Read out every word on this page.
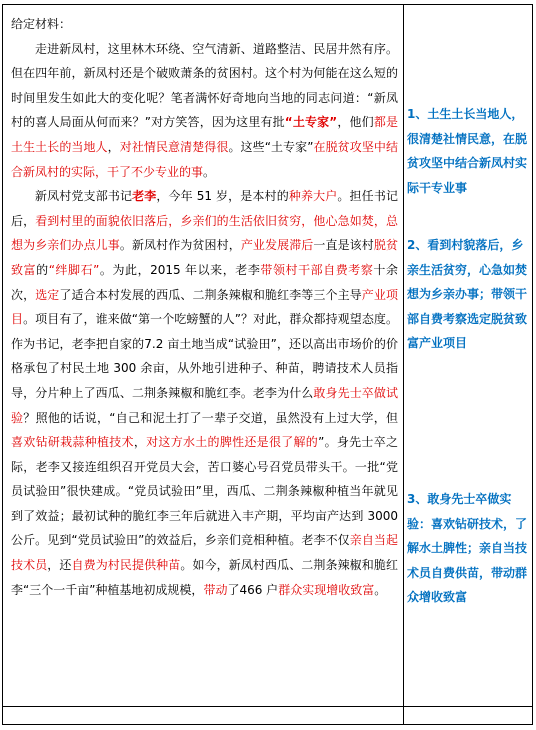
给定材料：

走进新凤村，这里林木环绕、空气清新、道路整洁、民居井然有序。但在四年前，新凤村还是个破败萧条的贫困村。这个村为何能在这么短的时间里发生如此大的变化呢？笔者满怀好奇地向当地的同志问道：“新凤村的喜人局面从何而来？”对方笑答，因为这里有批“土专家”，他们都是土生土长的当地人，对社情民意清楚得很。这些“土专家”在脱贫攻坚中结合新凤村的实际，干了不少专业的事。

新凤村党支部书记老李，今年 51 岁，是本村的种养大户。担任书记后，看到村里的面貌依旧落后，乡亲们的生活依旧贫穷，他心急如焚，总想为乡亲们办点儿事。新凤村作为贫困村，产业发展滞后一直是该村脱贫致富的“绊脚石”。为此，2015 年以来，老李带领村干部自费考察十余次，选定了适合本村发展的西瓜、二荆条辣椒和脆红李等三个主导产业项目。项目有了，谁来做“第一个吃螃蟹的人”？对此，群众都持观望态度。作为书记，老李把自家的7.2 亩土地当成“试验田”，还以高出市场价的价格承包了村民土地 300 余亩，从外地引进种子、种苗，聘请技术人员指导，分片种上了西瓜、二荆条辣椒和脆红李。老李为什么敢身先士卒做试验？照他的话说，“自己和泥土打了一辈子交道，虽然没有上过大学，但喜欢钻研栽蒜种植技术，对这方水土的脾性还是很了解的”。身先士卒之际，老李又接连组织召开党员大会，苦口婆心号召党员带头干。一批“党员试验田”很快建成。“党员试验田”里，西瓜、二荆条辣椒种植当年就见到了效益；最初试种的脆红李三年后就进入丰产期，平均亩产达到 3000 公斤。见到“党员试验田”的效益后，乡亲们竞相种植。老李不仅亲自当起技术员，还自费为村民提供种苗。如今，新凤村西瓜、二荆条辣椒和脆红李“三个一千亩”种植基地初成规模，带动了466 户群众实现增收致富。

1、土生土长当地人，很清楚社情民意，在脱贫攻坚中结合新凤村实际干专业事
2、看到村貌落后，乡亲生活贫穷，心急如焚想为乡亲办事；带领干部自费考察选定脱贫致富产业项目
3、敢身先士卒做实验：喜欢钻研技术，了解水土脾性；亲自当技术员自费供苗，带动群众增收致富
